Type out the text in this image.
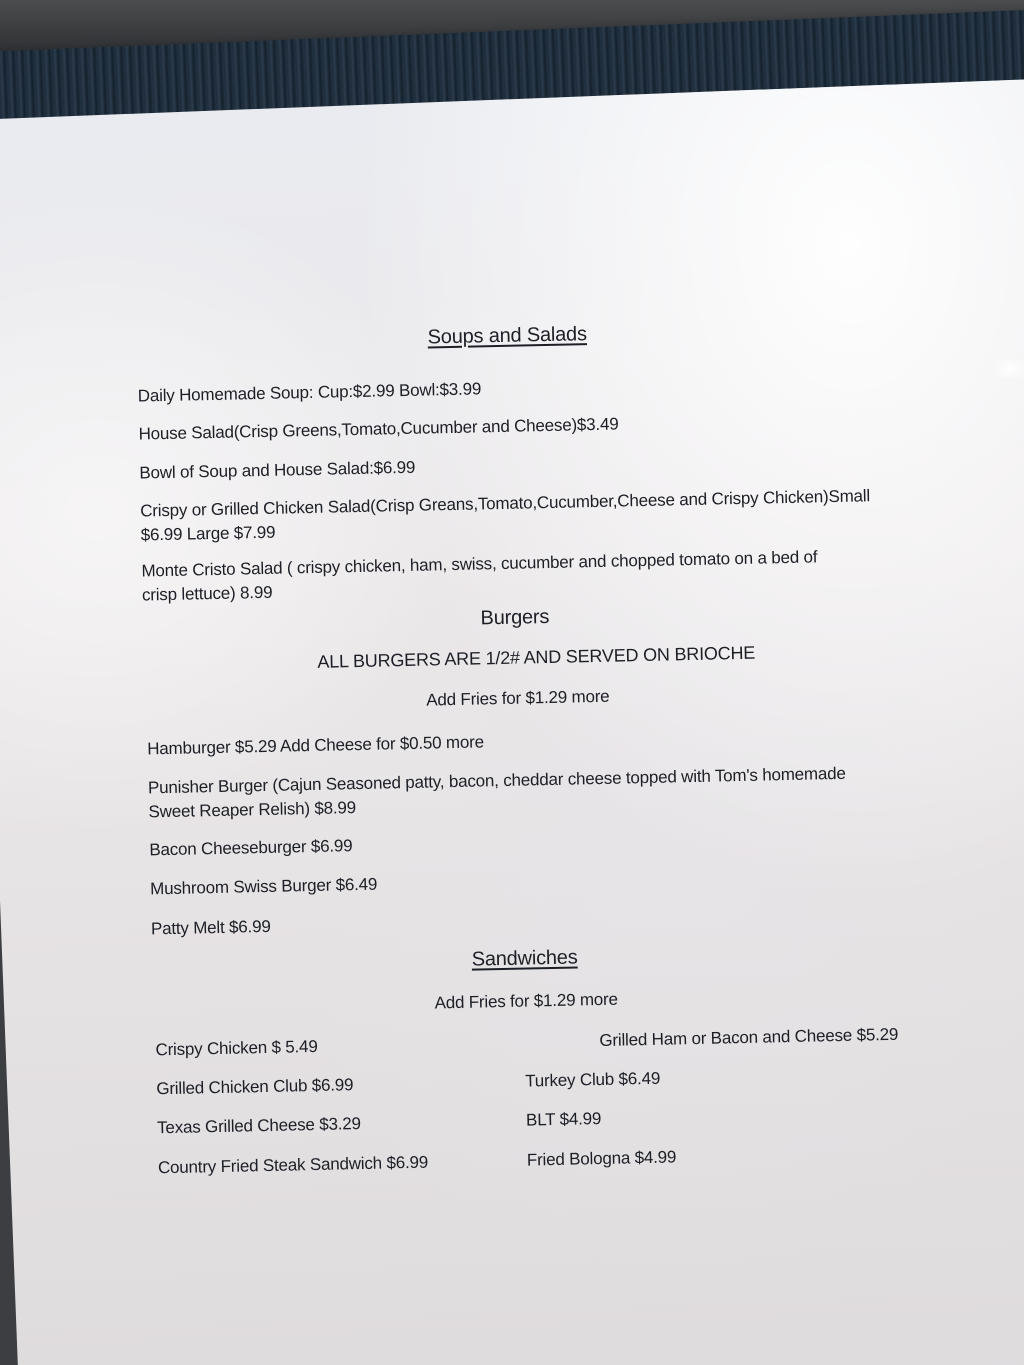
Soups and Salads
Daily Homemade Soup: Cup:$2.99 Bowl:$3.99
House Salad(Crisp Greens,Tomato,Cucumber and Cheese)$3.49
Bowl of Soup and House Salad:$6.99
Crispy or Grilled Chicken Salad(Crisp Greans,Tomato,Cucumber,Cheese and Crispy Chicken)Small $6.99 Large $7.99
Monte Cristo Salad ( crispy chicken, ham, swiss, cucumber and chopped tomato on a bed of crisp lettuce) 8.99
Burgers
ALL BURGERS ARE 1/2# AND SERVED ON BRIOCHE
Add Fries for $1.29 more
Hamburger $5.29 Add Cheese for $0.50 more
Punisher Burger (Cajun Seasoned patty, bacon, cheddar cheese topped with Tom's homemade Sweet Reaper Relish) $8.99
Bacon Cheeseburger $6.99
Mushroom Swiss Burger $6.49
Patty Melt $6.99
Sandwiches
Add Fries for $1.29 more
Crispy Chicken $ 5.49
Grilled Chicken Club $6.99
Texas Grilled Cheese $3.29
Country Fried Steak Sandwich $6.99
Grilled Ham or Bacon and Cheese $5.29
Turkey Club $6.49
BLT $4.99
Fried Bologna $4.99
